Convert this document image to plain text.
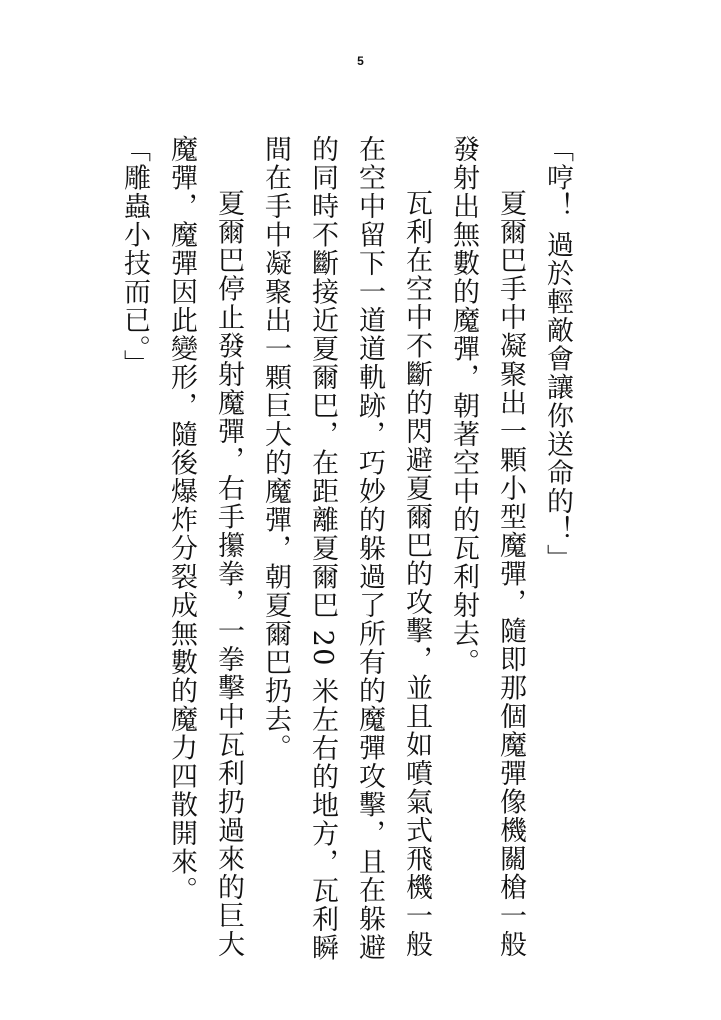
5

「哼！ 過於輕敵會讓你送命的！」

夏爾巴手中凝聚出一顆小型魔彈，隨即那個魔彈像機關槍一般發射出無數的魔彈，朝著空中的瓦利射去。

瓦利在空中不斷的閃避夏爾巴的攻擊，並且如噴氣式飛機一般在空中留下一道道軌跡，巧妙的躲過了所有的魔彈攻擊，且在躲避的同時不斷接近夏爾巴，在距離夏爾巴 20 米左右的地方，瓦利瞬間在手中凝聚出一顆巨大的魔彈，朝夏爾巴扔去。

夏爾巴停止發射魔彈，右手攥拳，一拳擊中瓦利扔過來的巨大魔彈，魔彈因此變形，隨後爆炸分裂成無數的魔力四散開來。

「雕蟲小技而已。」
